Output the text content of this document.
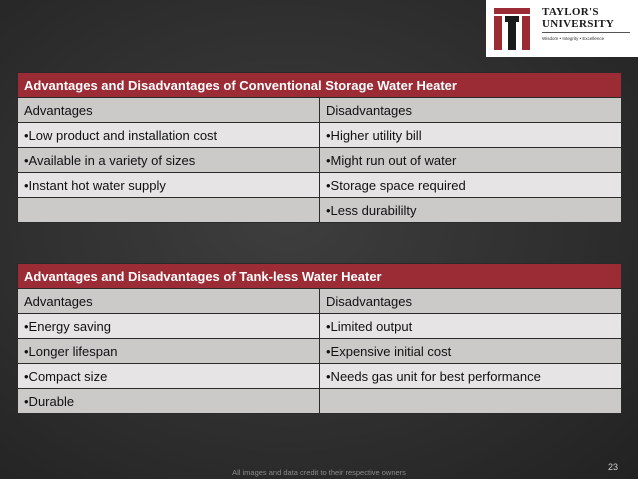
TAYLOR'S
UNIVERSITY
Wisdom • Integrity • Excellence
Advantages and Disadvantages of Conventional Storage Water Heater	
Advantages	Disadvantages
•Low product and installation cost	•Higher utility bill
•Available in a variety of sizes	•Might run out of water
•Instant hot water supply	•Storage space required
	•Less durabililty
Advantages and Disadvantages of Tank-less Water Heater	
Advantages	Disadvantages
•Energy saving	•Limited output
•Longer lifespan	•Expensive initial cost
•Compact size	•Needs gas unit for best performance
•Durable	
23
All images and data credit to their respective owners
